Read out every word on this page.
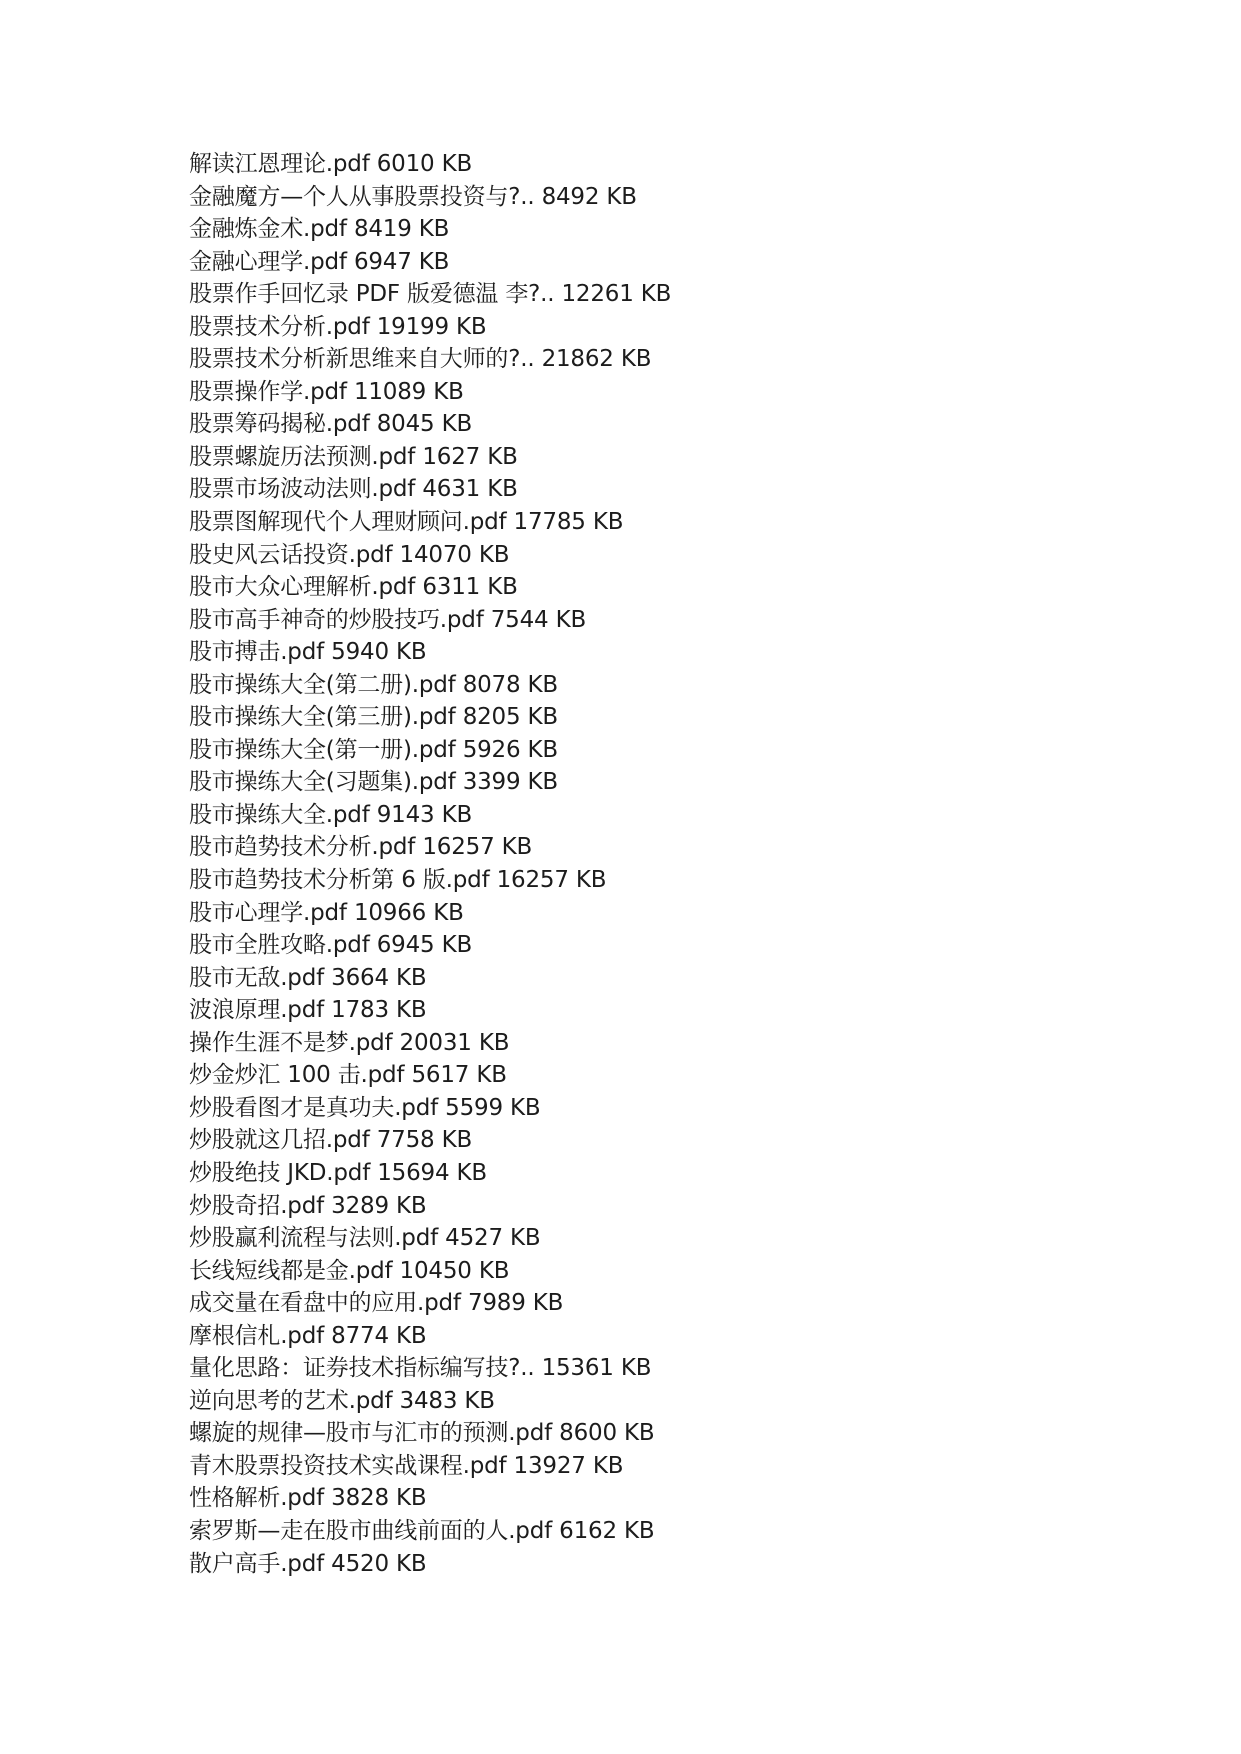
解读江恩理论.pdf 6010 KB
金融魔方—个人从事股票投资与?.. 8492 KB
金融炼金术.pdf 8419 KB
金融心理学.pdf 6947 KB
股票作手回忆录 PDF 版爱德温 李?.. 12261 KB
股票技术分析.pdf 19199 KB
股票技术分析新思维来自大师的?.. 21862 KB
股票操作学.pdf 11089 KB
股票筹码揭秘.pdf 8045 KB
股票螺旋历法预测.pdf 1627 KB
股票市场波动法则.pdf 4631 KB
股票图解现代个人理财顾问.pdf 17785 KB
股史风云话投资.pdf 14070 KB
股市大众心理解析.pdf 6311 KB
股市高手神奇的炒股技巧.pdf 7544 KB
股市搏击.pdf 5940 KB
股市操练大全(第二册).pdf 8078 KB
股市操练大全(第三册).pdf 8205 KB
股市操练大全(第一册).pdf 5926 KB
股市操练大全(习题集).pdf 3399 KB
股市操练大全.pdf 9143 KB
股市趋势技术分析.pdf 16257 KB
股市趋势技术分析第 6 版.pdf 16257 KB
股市心理学.pdf 10966 KB
股市全胜攻略.pdf 6945 KB
股市无敌.pdf 3664 KB
波浪原理.pdf 1783 KB
操作生涯不是梦.pdf 20031 KB
炒金炒汇 100 击.pdf 5617 KB
炒股看图才是真功夫.pdf 5599 KB
炒股就这几招.pdf 7758 KB
炒股绝技 JKD.pdf 15694 KB
炒股奇招.pdf 3289 KB
炒股赢利流程与法则.pdf 4527 KB
长线短线都是金.pdf 10450 KB
成交量在看盘中的应用.pdf 7989 KB
摩根信札.pdf 8774 KB
量化思路：证券技术指标编写技?.. 15361 KB
逆向思考的艺术.pdf 3483 KB
螺旋的规律—股市与汇市的预测.pdf 8600 KB
青木股票投资技术实战课程.pdf 13927 KB
性格解析.pdf 3828 KB
索罗斯—走在股市曲线前面的人.pdf 6162 KB
散户高手.pdf 4520 KB
